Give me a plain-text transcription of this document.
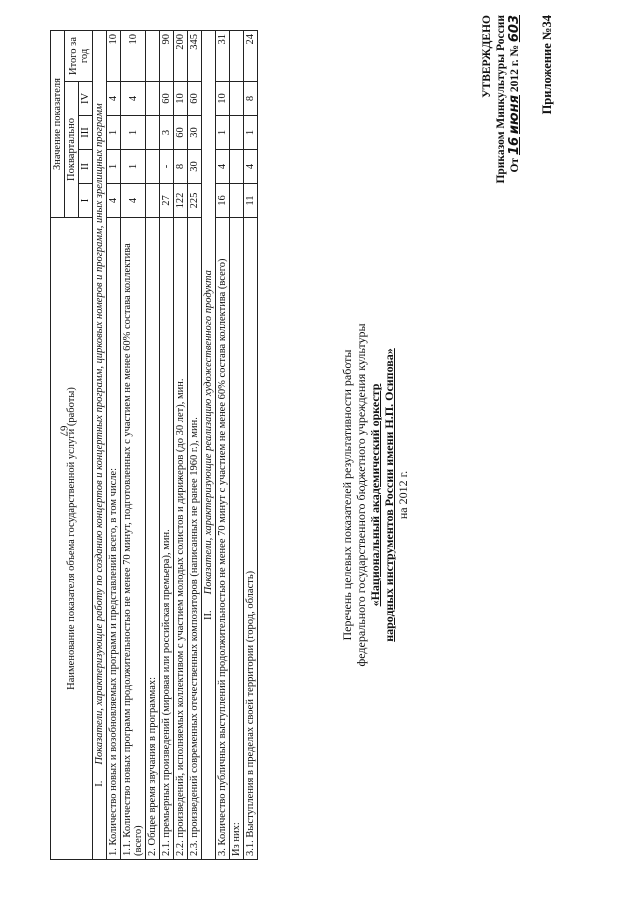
67
Приложение №34
УТВЕРЖДЕНО Приказом Минкультуры России От 16 июня 2012 г. № 603
Перечень целевых показателей результативности работы федерального государственного бюджетного учреждения культуры «Национальный академический оркестр народных инструментов России имени Н.П. Осипова» на 2012 г.
Наименование показателя объема государственной услуги (работы)	Значение показателя				
	Поквартально				Итого за год
	I	II	III	IV	
I.Показатели, характеризующие работу по созданию концертов и концертных программ, цирковых номеров и программ, иных зрелищных программ					
1. Количество новых и возобновляемых программ и представлений всего, в том числе:	4	1	1	4	10
1.1. Количество новых программ продолжительностью не менее 70 минут, подготовленных с участием не менее 60% состава коллектива (всего)	4	1	1	4	10
2. Общее время звучания в программах:					
2.1. премьерных произведений (мировая или российская премьера), мин.	27	-	3	60	90
2.2. произведений, исполняемых коллективом с участием молодых солистов и дирижеров (до 30 лет), мин.	122	8	60	10	200
2.3. произведений современных отечественных композиторов (написанных не ранее 1960 г.), мин.	225	30	30	60	345
II.Показатели, характеризующие реализацию художественного продукта					
3. Количество публичных выступлений продолжительностью не менее 70 минут с участием не менее 60% состава коллектива (всего)	16	4	1	10	31
Из них:					
3.1. Выступления в пределах своей территории (город, область)	11	4	1	8	24
